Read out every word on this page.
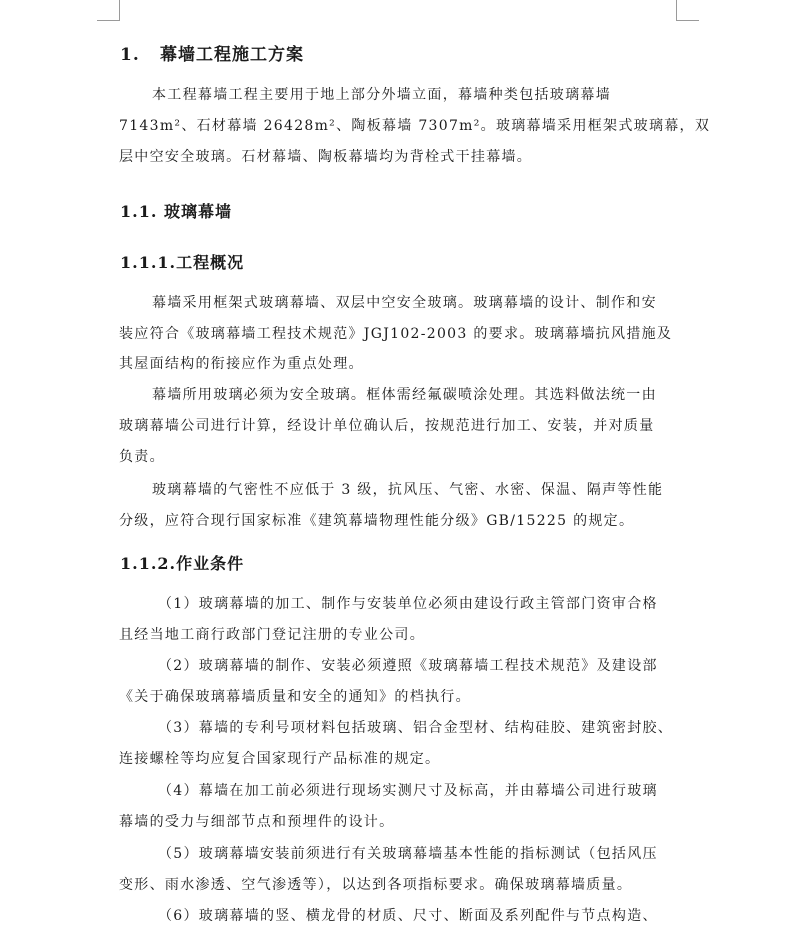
1. 幕墙工程施工方案
本工程幕墙工程主要用于地上部分外墙立面，幕墙种类包括玻璃幕墙
7143m²、石材幕墙 26428m²、陶板幕墙 7307m²。玻璃幕墙采用框架式玻璃幕，双
层中空安全玻璃。石材幕墙、陶板幕墙均为背栓式干挂幕墙。
1.1. 玻璃幕墙
1.1.1.工程概况
幕墙采用框架式玻璃幕墙、双层中空安全玻璃。玻璃幕墙的设计、制作和安
装应符合《玻璃幕墙工程技术规范》JGJ102-2003 的要求。玻璃幕墙抗风措施及
其屋面结构的衔接应作为重点处理。
幕墙所用玻璃必须为安全玻璃。框体需经氟碳喷涂处理。其选料做法统一由
玻璃幕墙公司进行计算，经设计单位确认后，按规范进行加工、安装，并对质量
负责。
玻璃幕墙的气密性不应低于 3 级，抗风压、气密、水密、保温、隔声等性能
分级，应符合现行国家标准《建筑幕墙物理性能分级》GB/15225 的规定。
1.1.2.作业条件
（1）玻璃幕墙的加工、制作与安装单位必须由建设行政主管部门资审合格
且经当地工商行政部门登记注册的专业公司。
（2）玻璃幕墙的制作、安装必须遵照《玻璃幕墙工程技术规范》及建设部
《关于确保玻璃幕墙质量和安全的通知》的档执行。
（3）幕墙的专利号项材料包括玻璃、铝合金型材、结构硅胶、建筑密封胶、
连接螺栓等均应复合国家现行产品标准的规定。
（4）幕墙在加工前必须进行现场实测尺寸及标高，并由幕墙公司进行玻璃
幕墙的受力与细部节点和预埋件的设计。
（5）玻璃幕墙安装前须进行有关玻璃幕墙基本性能的指标测试（包括风压
变形、雨水渗透、空气渗透等），以达到各项指标要求。确保玻璃幕墙质量。
（6）玻璃幕墙的竖、横龙骨的材质、尺寸、断面及系列配件与节点构造、
